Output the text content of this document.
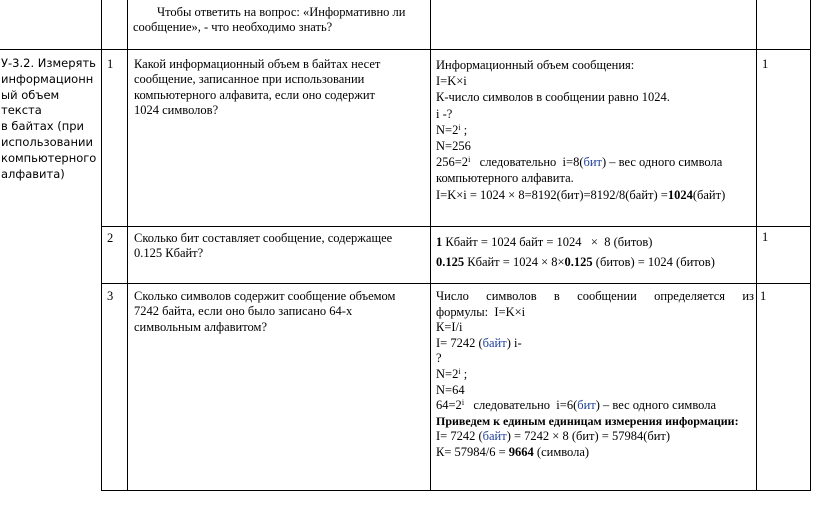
Чтобы ответить на вопрос: «Информативно ли
сообщение», - что необходимо знать?
У-3.2. Измерять
информационн
ый объем текста
в байтах (при
использовании
компьютерного
алфавита)
1 Какой информационный объем в байтах несет
сообщение, записанное при использовании
компьютерного алфавита, если оно содержит
1024 символов?
Информационный объем сообщения:
I=K×i
К-число символов в сообщении равно 1024.
i -?
$N=2^i$ ;
N=256
$256=2^i$   следовательно  i=8(бит) – вес одного символа
компьютерного алфавита.
I=K×i = 1024 × 8=8192(бит)=8192/8(байт) =1024(байт)
1
2 Сколько бит составляет сообщение, содержащее
0.125 Кбайт?
1 Кбайт = 1024 байт = 1024   ×  8 (битов)
0.125 Кбайт = 1024 × 8×0.125 (битов) = 1024 (битов)
1
3 Сколько символов содержит сообщение объемом
7242 байта, если оно было записано 64-х
символьным алфавитом?
Число  символов  в  сообщении  определяется  из
формулы:  I=K×i
К=I/i
I= 7242 (байт) i-
?
$N=2^i$ ;
N=64
$64=2^i$   следовательно  i=6(бит) – вес одного символа
Приведем к единым единицам измерения информации:
I= 7242 (байт) = 7242 × 8 (бит) = 57984(бит)
К= 57984/6 = 9664 (символа)
1
